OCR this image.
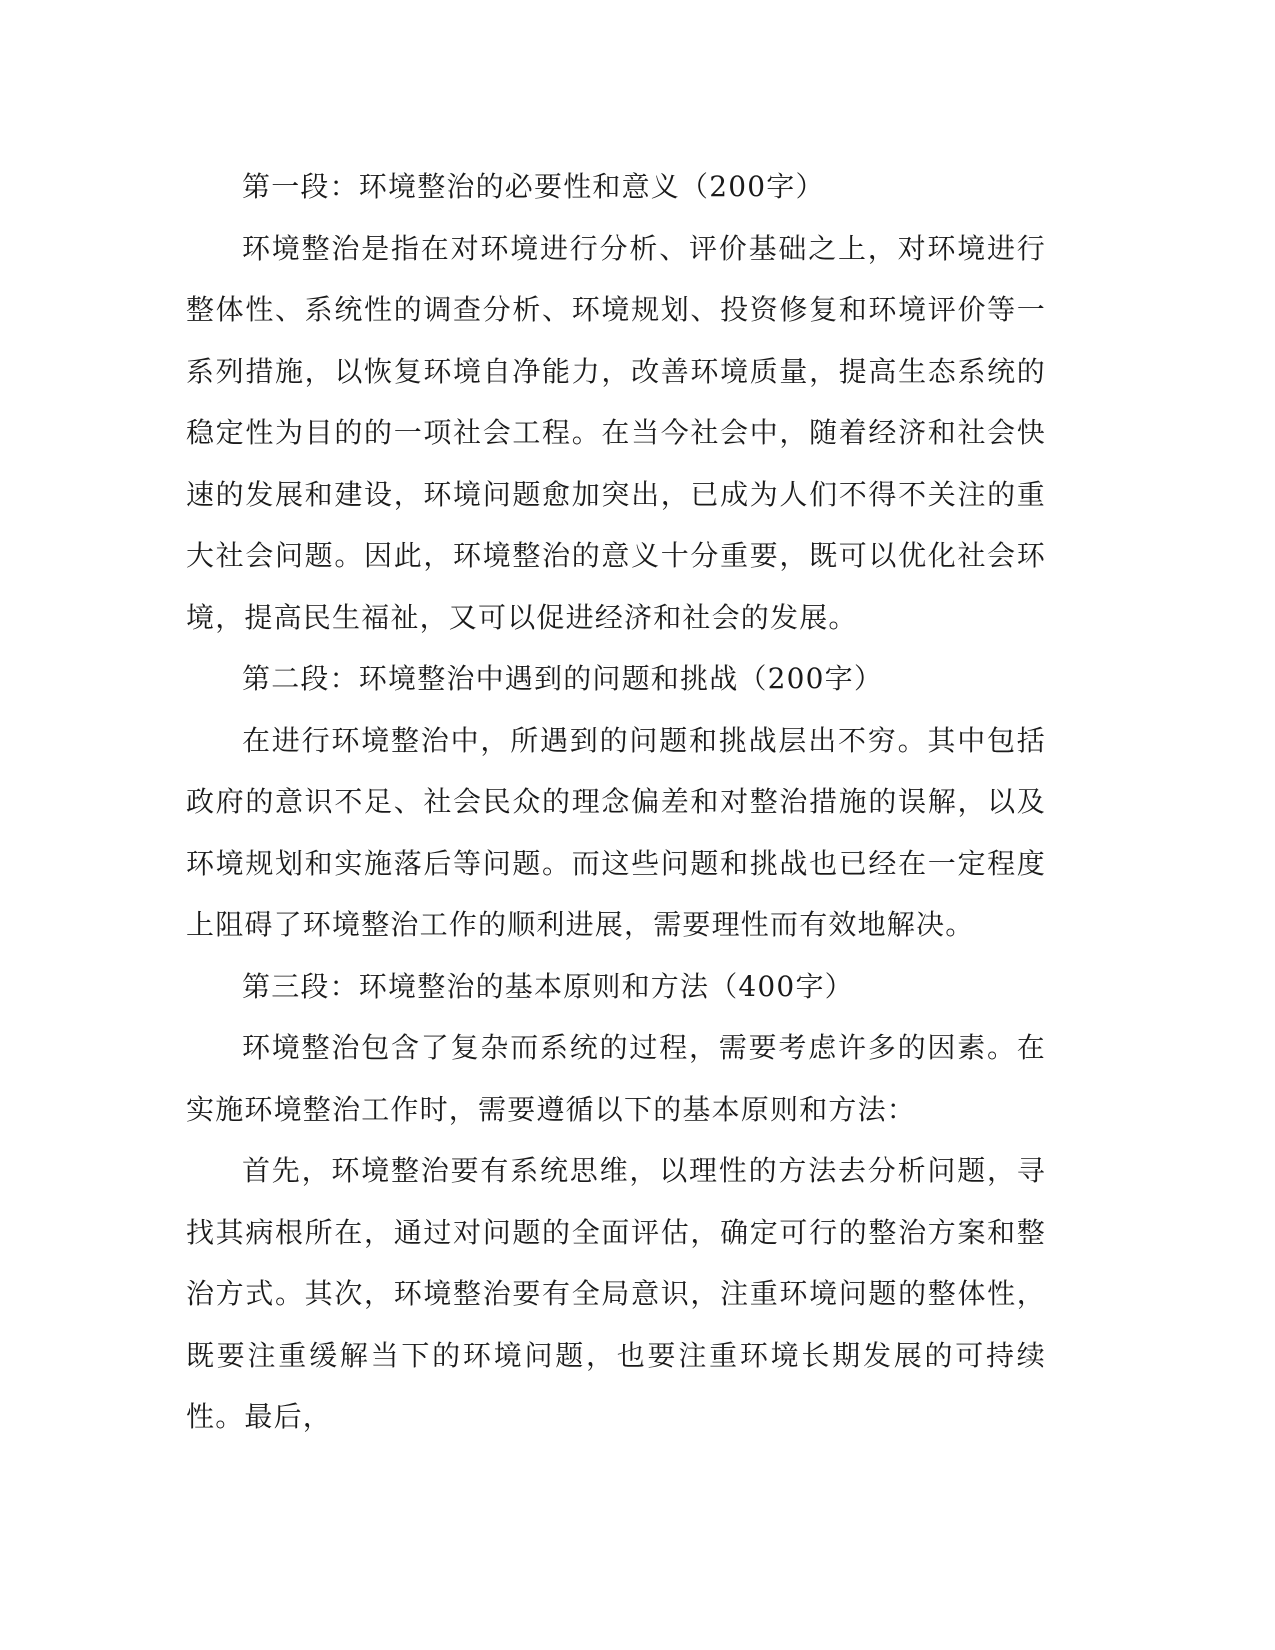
第一段：环境整治的必要性和意义（200字）

环境整治是指在对环境进行分析、评价基础之上，对环境进行整体性、系统性的调查分析、环境规划、投资修复和环境评价等一系列措施，以恢复环境自净能力，改善环境质量，提高生态系统的稳定性为目的的一项社会工程。在当今社会中，随着经济和社会快速的发展和建设，环境问题愈加突出，已成为人们不得不关注的重大社会问题。因此，环境整治的意义十分重要，既可以优化社会环境，提高民生福祉，又可以促进经济和社会的发展。

第二段：环境整治中遇到的问题和挑战（200字）

在进行环境整治中，所遇到的问题和挑战层出不穷。其中包括政府的意识不足、社会民众的理念偏差和对整治措施的误解，以及环境规划和实施落后等问题。而这些问题和挑战也已经在一定程度上阻碍了环境整治工作的顺利进展，需要理性而有效地解决。

第三段：环境整治的基本原则和方法（400字）

环境整治包含了复杂而系统的过程，需要考虑许多的因素。在实施环境整治工作时，需要遵循以下的基本原则和方法：

首先，环境整治要有系统思维，以理性的方法去分析问题，寻找其病根所在，通过对问题的全面评估，确定可行的整治方案和整治方式。其次，环境整治要有全局意识，注重环境问题的整体性，既要注重缓解当下的环境问题，也要注重环境长期发展的可持续性。最后，
